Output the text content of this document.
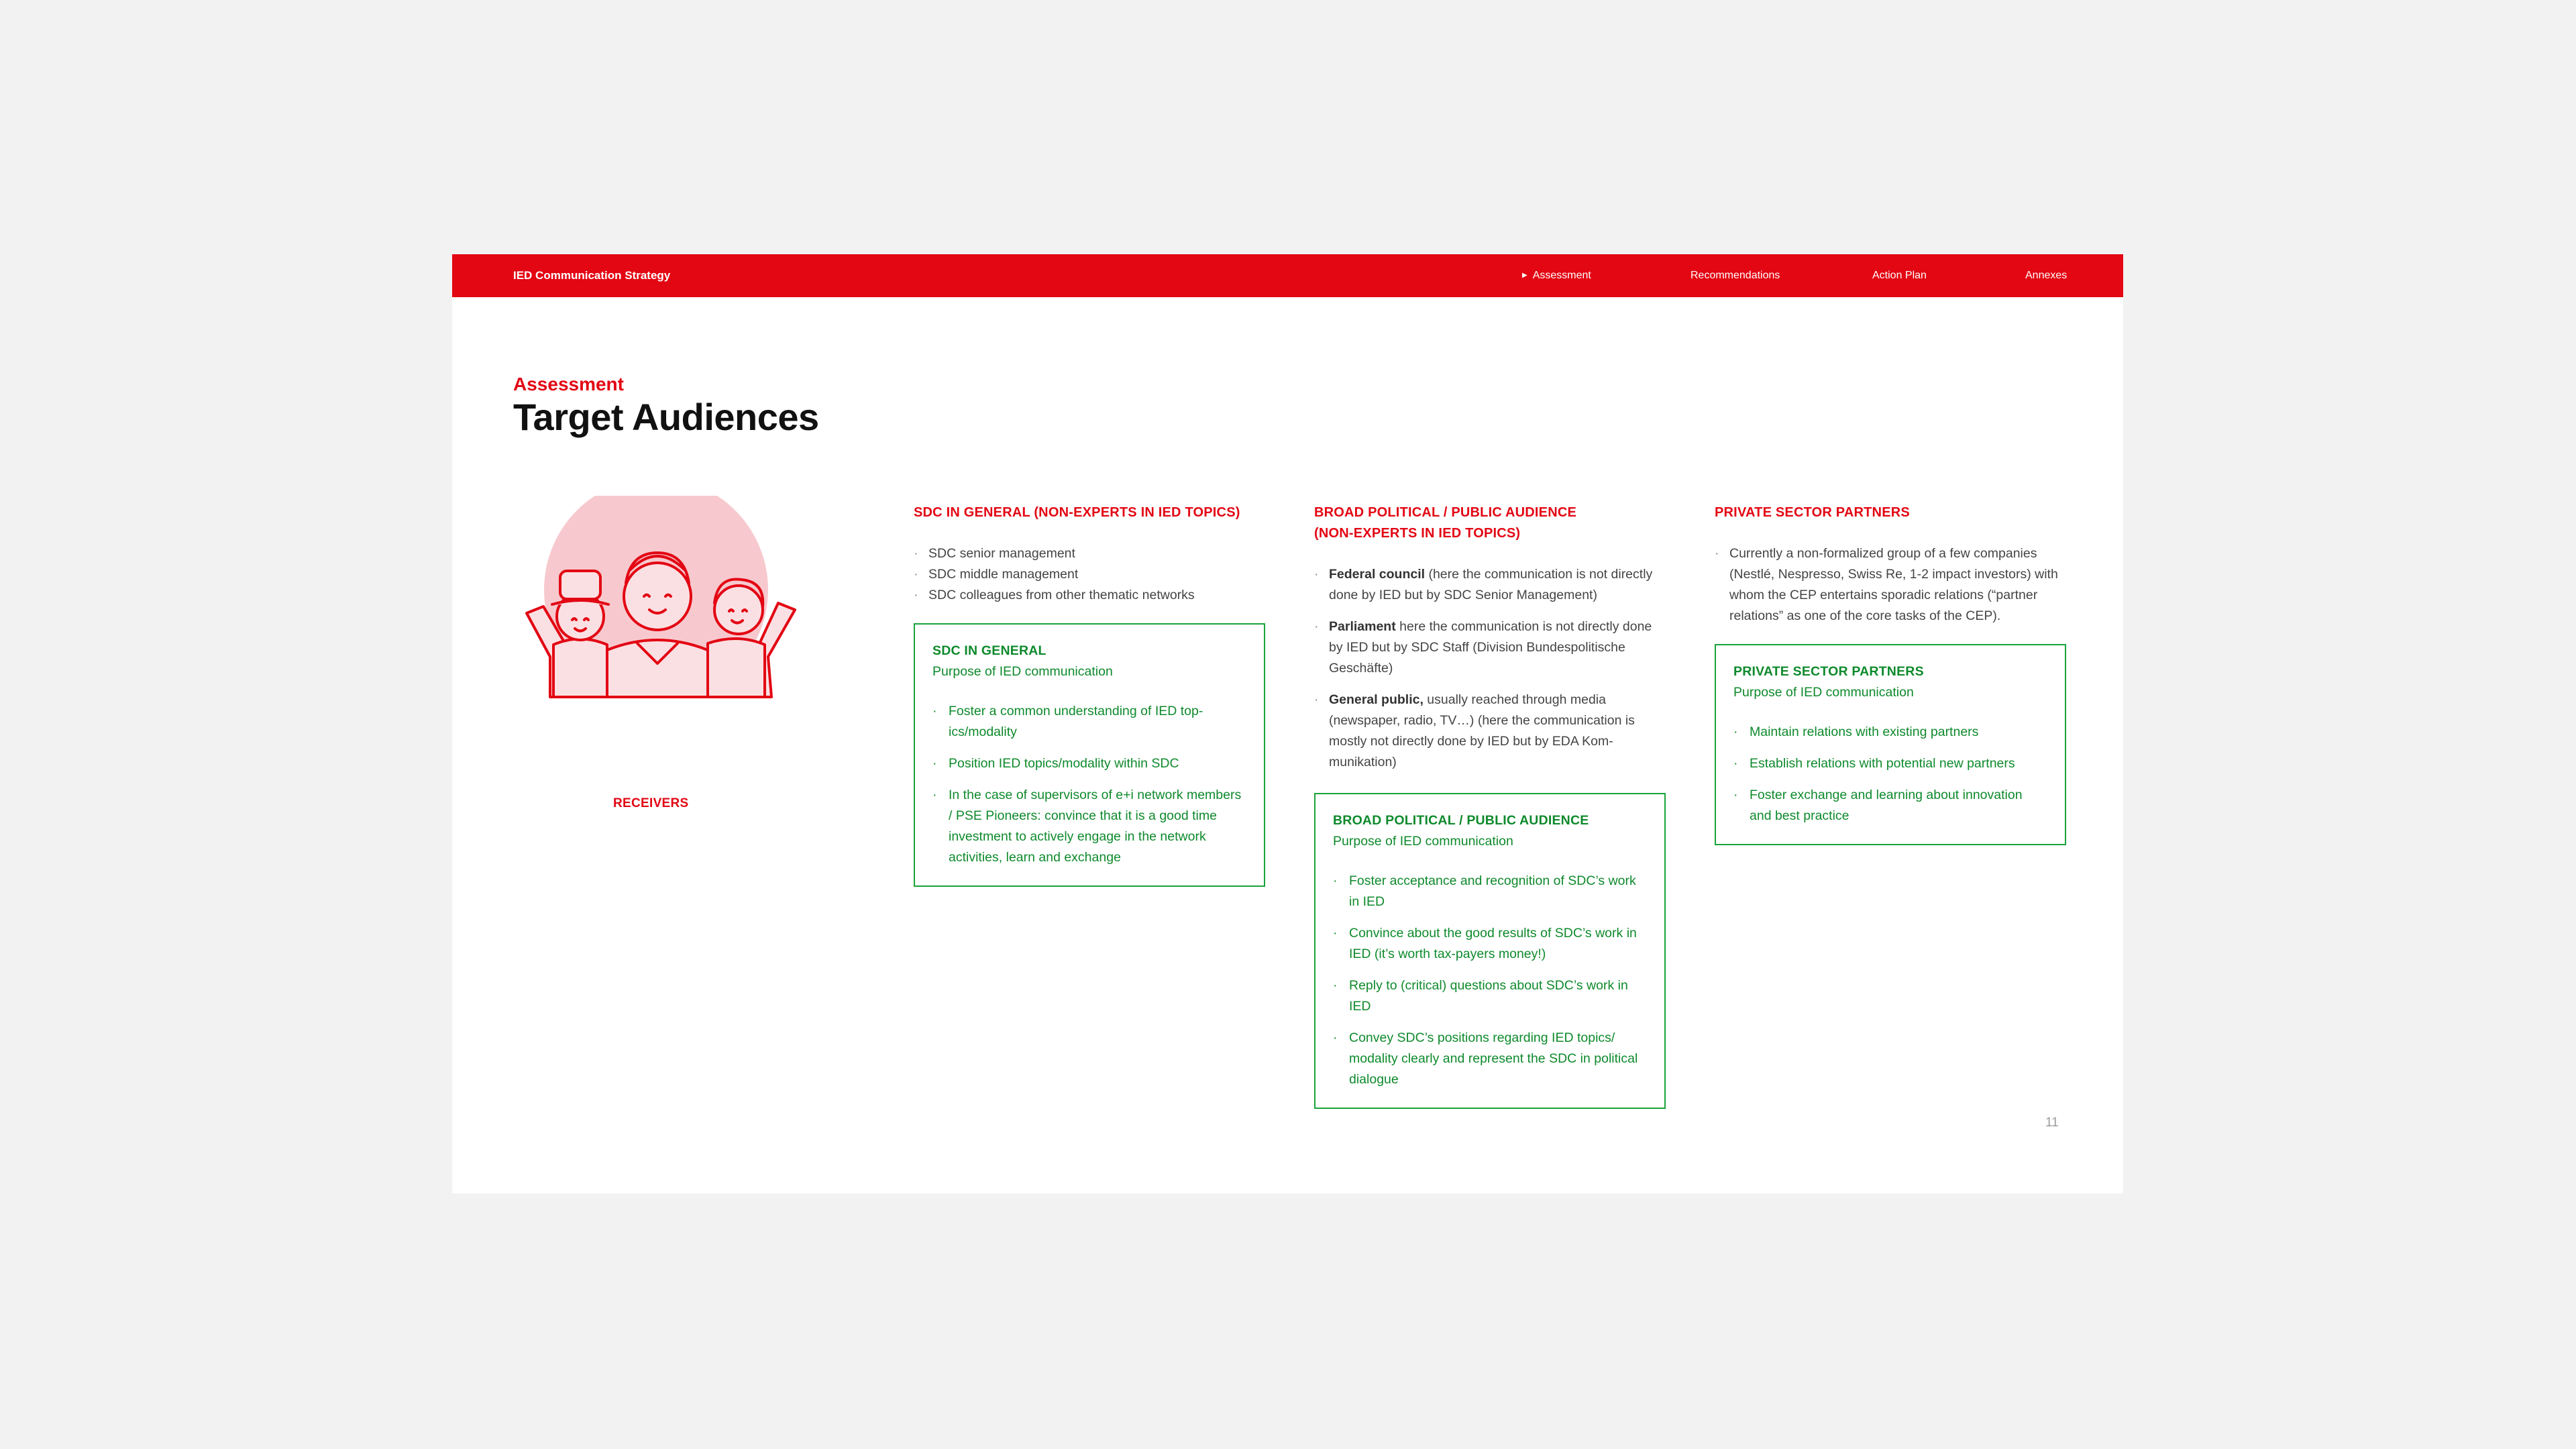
IED Communication Strategy	▶ Assessment	Recommendations	Action Plan	Annexes
Assessment
Target Audiences
RECEIVERS
SDC IN GENERAL (NON-EXPERTS IN IED TOPICS)
· SDC senior management
· SDC middle management
· SDC colleagues from other thematic networks
SDC IN GENERAL
Purpose of IED communication
· Foster a common understanding of IED topics/modality
· Position IED topics/modality within SDC
· In the case of supervisors of e+i network members / PSE Pioneers: convince that it is a good time investment to actively engage in the network activities, learn and exchange
BROAD POLITICAL / PUBLIC AUDIENCE
(NON-EXPERTS IN IED TOPICS)
· Federal council (here the communication is not directly done by IED but by SDC Senior Management)
· Parliament here the communication is not directly done by IED but by SDC Staff (Division Bundespolitische Geschäfte)
· General public, usually reached through media (newspaper, radio, TV…) (here the communication is mostly not directly done by IED but by EDA Kommunikation)
BROAD POLITICAL / PUBLIC AUDIENCE
Purpose of IED communication
· Foster acceptance and recognition of SDC’s work in IED
· Convince about the good results of SDC’s work in IED (it’s worth tax-payers money!)
· Reply to (critical) questions about SDC’s work in IED
· Convey SDC’s positions regarding IED topics/ modality clearly and represent the SDC in political dialogue
PRIVATE SECTOR PARTNERS
· Currently a non-formalized group of a few companies (Nestlé, Nespresso, Swiss Re, 1-2 impact investors) with whom the CEP entertains sporadic relations (“partner relations” as one of the core tasks of the CEP).
PRIVATE SECTOR PARTNERS
Purpose of IED communication
· Maintain relations with existing partners
· Establish relations with potential new partners
· Foster exchange and learning about innovation and best practice
11
